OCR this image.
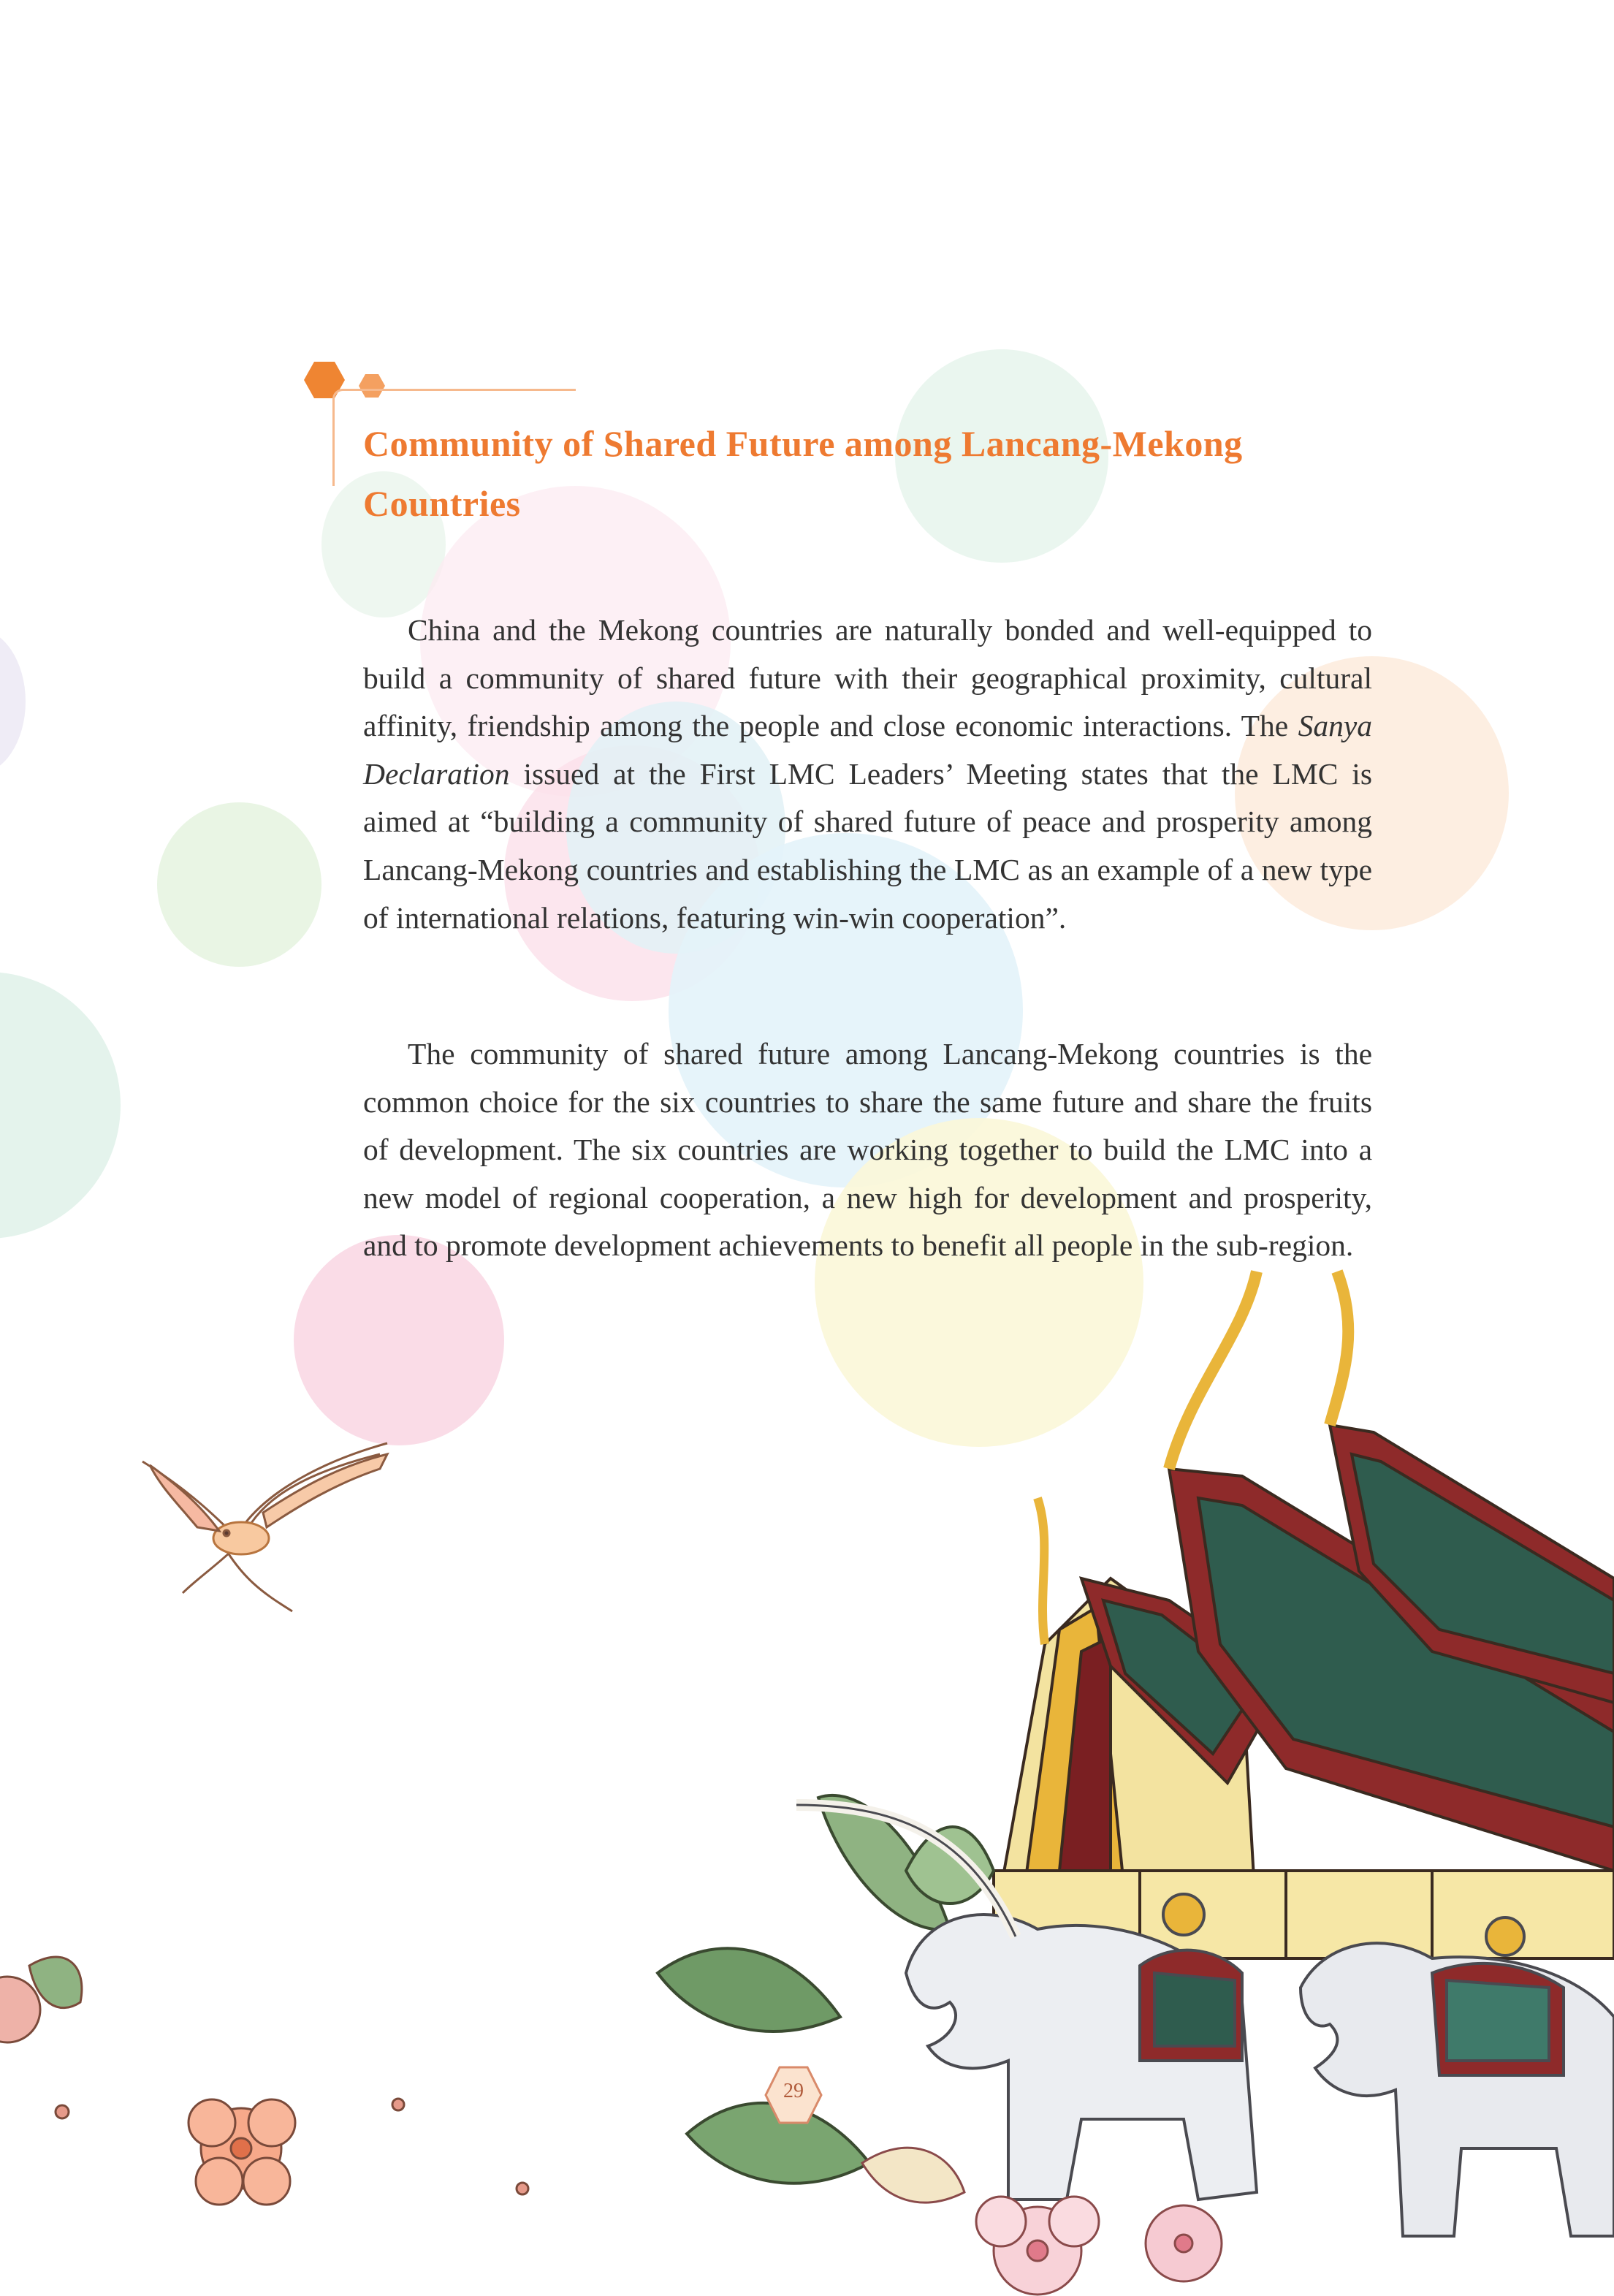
Community of Shared Future among Lancang-Mekong
Countries

China and the Mekong countries are naturally bonded and well-equipped to build a community of shared future with their geographical proximity, cultural affinity, friendship among the people and close economic interactions. The Sanya Declaration issued at the First LMC Leaders’ Meeting states that the LMC is aimed at “building a community of shared future of peace and prosperity among Lancang-Mekong countries and establishing the LMC as an example of a new type of international relations, featuring win-win cooperation”.

The community of shared future among Lancang-Mekong countries is the common choice for the six countries to share the same future and share the fruits of development. The six countries are working together to build the LMC into a new model of regional cooperation, a new high for development and prosperity, and to promote development achievements to benefit all people in the sub-region.

29
